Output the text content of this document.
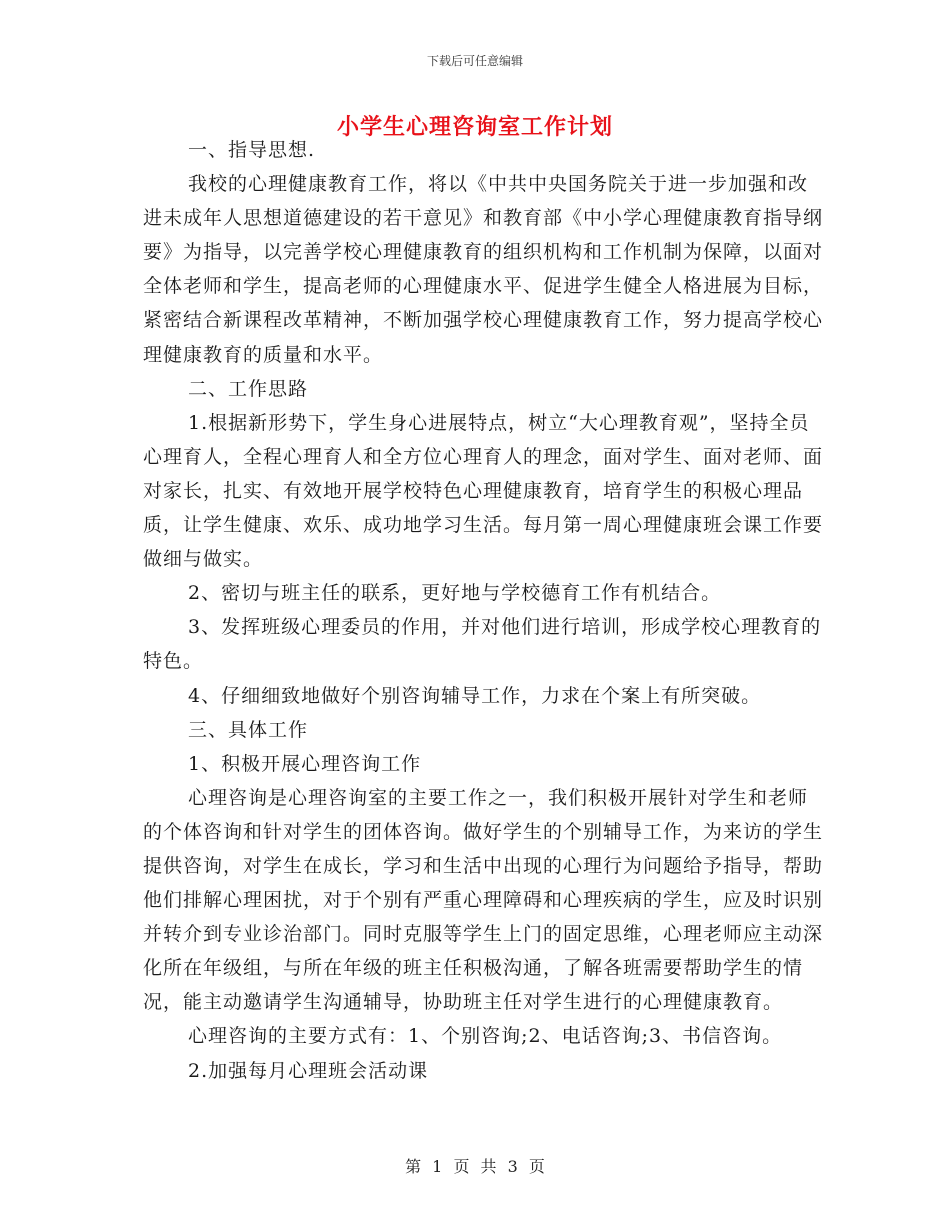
下载后可任意编辑
小学生心理咨询室工作计划

一、指导思想.

我校的心理健康教育工作，将以《中共中央国务院关于进一步加强和改进未成年人思想道德建设的若干意见》和教育部《中小学心理健康教育指导纲要》为指导，以完善学校心理健康教育的组织机构和工作机制为保障，以面对全体老师和学生，提高老师的心理健康水平、促进学生健全人格进展为目标，紧密结合新课程改革精神，不断加强学校心理健康教育工作，努力提高学校心理健康教育的质量和水平。

二、工作思路

1.根据新形势下，学生身心进展特点，树立“大心理教育观”，坚持全员心理育人，全程心理育人和全方位心理育人的理念，面对学生、面对老师、面对家长，扎实、有效地开展学校特色心理健康教育，培育学生的积极心理品质，让学生健康、欢乐、成功地学习生活。每月第一周心理健康班会课工作要做细与做实。

2、密切与班主任的联系，更好地与学校德育工作有机结合。

3、发挥班级心理委员的作用，并对他们进行培训，形成学校心理教育的特色。

4、仔细细致地做好个别咨询辅导工作，力求在个案上有所突破。

三、具体工作

1、积极开展心理咨询工作

心理咨询是心理咨询室的主要工作之一，我们积极开展针对学生和老师的个体咨询和针对学生的团体咨询。做好学生的个别辅导工作，为来访的学生提供咨询，对学生在成长，学习和生活中出现的心理行为问题给予指导，帮助他们排解心理困扰，对于个别有严重心理障碍和心理疾病的学生，应及时识别并转介到专业诊治部门。同时克服等学生上门的固定思维，心理老师应主动深化所在年级组，与所在年级的班主任积极沟通，了解各班需要帮助学生的情况，能主动邀请学生沟通辅导，协助班主任对学生进行的心理健康教育。

心理咨询的主要方式有：1、个别咨询;2、电话咨询;3、书信咨询。

2.加强每月心理班会活动课

第 1 页 共 3 页
